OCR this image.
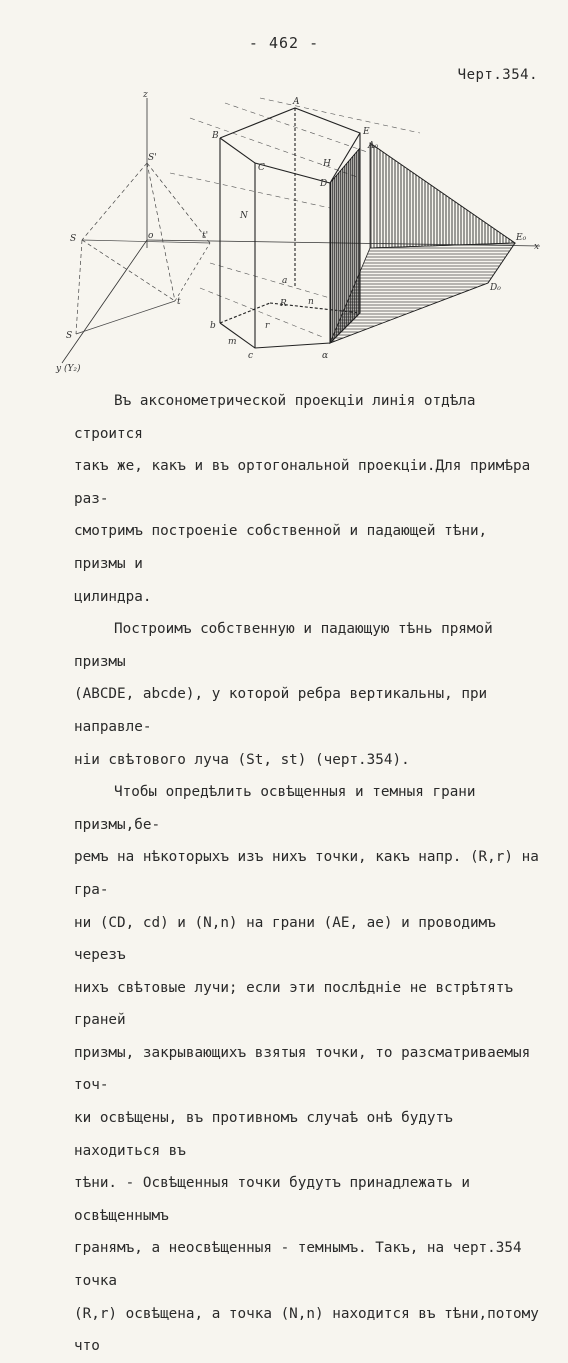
- 462 -
Черт.354.
z
S'
S	o	t'
t
S
y (Y₂)
x
A
B
C
D
E
H
A₀
E₀
D₀
N
R
a
b
c
m
n
r
α

Въ аксонометрической проекціи линія отдѣла строится
такъ же, какъ и въ ортогональной проекціи.Для примѣра раз-
смотримъ построеніе собственной и падающей тѣни, призмы и
цилиндра.

Построимъ собственную и падающую тѣнь прямой призмы
(ABCDE, abcde), у которой ребра вертикальны, при направле-
ніи свѣтового луча (St, st) (черт.354).

Чтобы опредѣлить освѣщенныя и темныя грани призмы,бе-
ремъ на нѣкоторыхъ изъ нихъ точки, какъ напр. (R,r) на гра-
ни (CD, cd) и (N,n) на грани (AE, ae) и проводимъ черезъ
нихъ свѣтовые лучи; если эти послѣдніе не встрѣтятъ граней
призмы, закрывающихъ взятыя точки, то разсматриваемыя точ-
ки освѣщены, въ противномъ случаѣ онѣ будутъ находиться въ
тѣни. - Освѣщенныя точки будутъ принадлежать и освѣщеннымъ
гранямъ, а неосвѣщенныя - темнымъ. Такъ, на черт.354 точка
(R,r) освѣщена, а точка (N,n) находится въ тѣни,потому что
